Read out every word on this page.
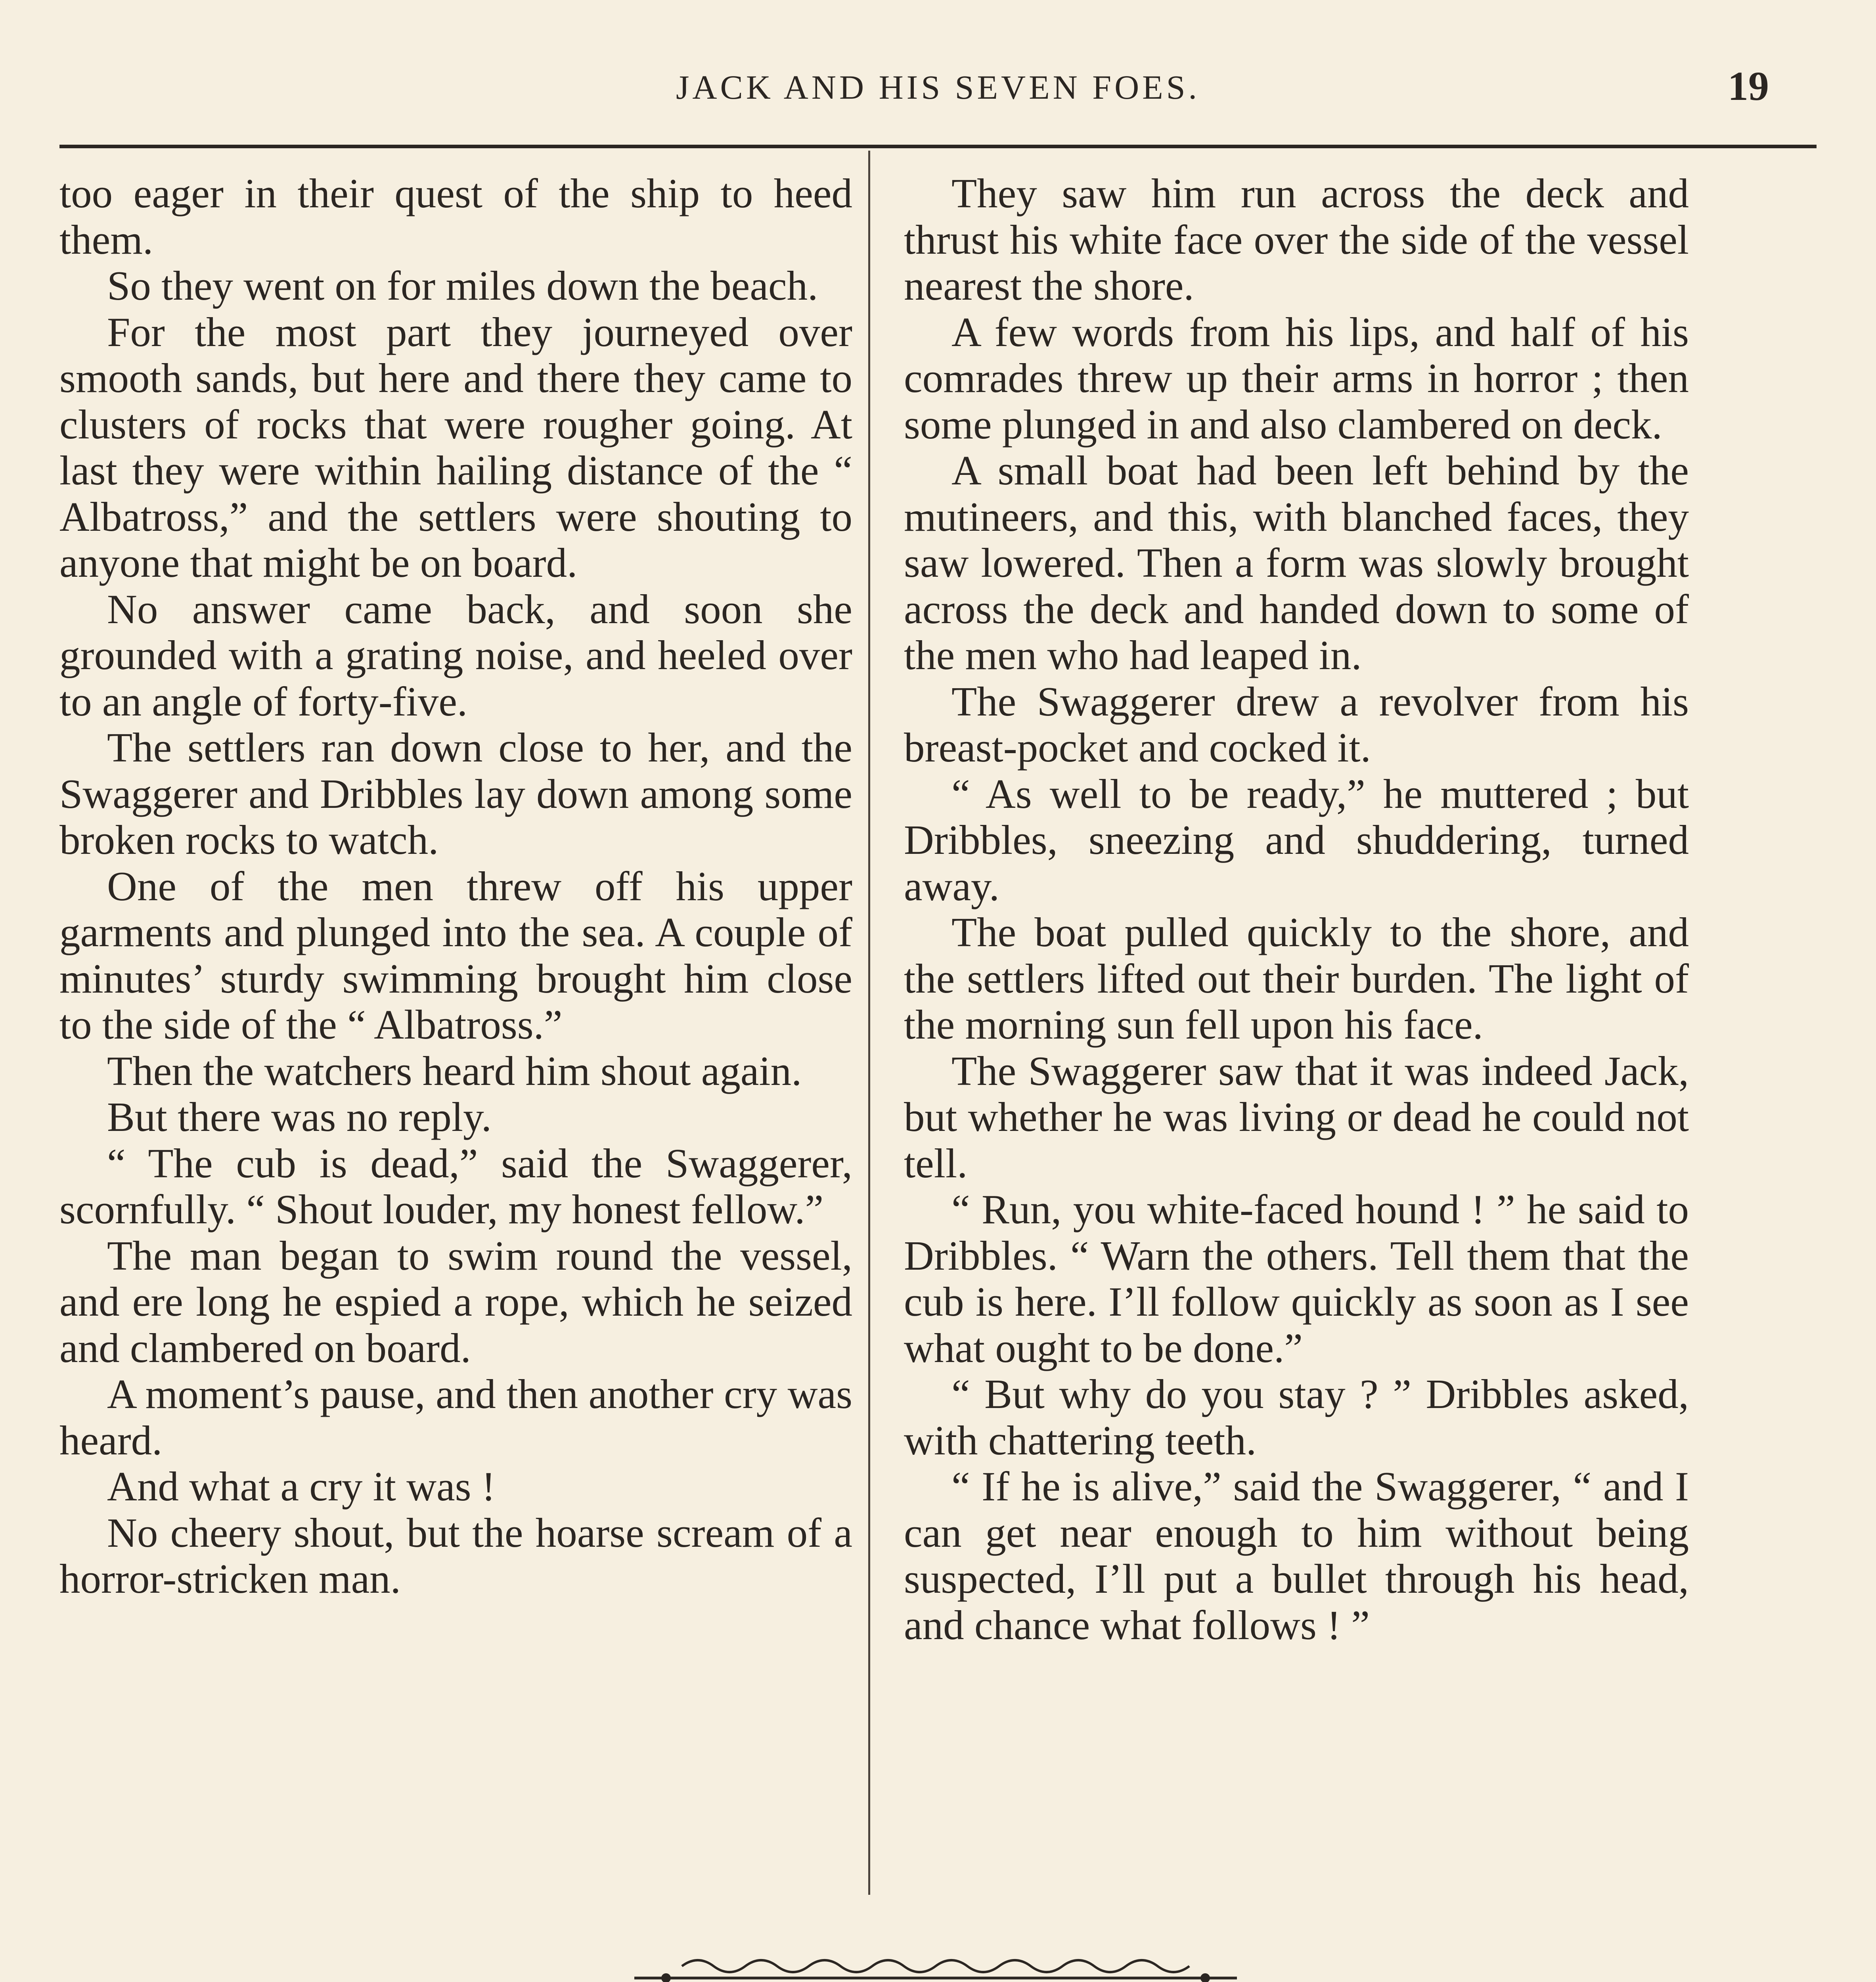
JACK AND HIS SEVEN FOES.	19

too eager in their quest of the ship to heed them.

So they went on for miles down the beach.

For the most part they journeyed over smooth sands, but here and there they came to clusters of rocks that were rougher going. At last they were within hailing distance of the “ Albatross,” and the settlers were shouting to anyone that might be on board.

No answer came back, and soon she grounded with a grating noise, and heeled over to an angle of forty-five.

The settlers ran down close to her, and the Swaggerer and Dribbles lay down among some broken rocks to watch.

One of the men threw off his upper garments and plunged into the sea. A couple of minutes’ sturdy swimming brought him close to the side of the “ Albatross.”

Then the watchers heard him shout again.

But there was no reply.

“ The cub is dead,” said the Swaggerer, scornfully. “ Shout louder, my honest fellow.”

The man began to swim round the vessel, and ere long he espied a rope, which he seized and clambered on board.

A moment’s pause, and then another cry was heard.

And what a cry it was !

No cheery shout, but the hoarse scream of a horror-stricken man.

They saw him run across the deck and thrust his white face over the side of the vessel nearest the shore.

A few words from his lips, and half of his comrades threw up their arms in horror ; then some plunged in and also clambered on deck.

A small boat had been left behind by the mutineers, and this, with blanched faces, they saw lowered. Then a form was slowly brought across the deck and handed down to some of the men who had leaped in.

The Swaggerer drew a revolver from his breast-pocket and cocked it.

“ As well to be ready,” he muttered ; but Dribbles, sneezing and shuddering, turned away.

The boat pulled quickly to the shore, and the settlers lifted out their burden. The light of the morning sun fell upon his face.

The Swaggerer saw that it was indeed Jack, but whether he was living or dead he could not tell.

“ Run, you white-faced hound ! ” he said to Dribbles. “ Warn the others. Tell them that the cub is here. I’ll follow quickly as soon as I see what ought to be done.”

“ But why do you stay ? ” Dribbles asked, with chattering teeth.

“ If he is alive,” said the Swaggerer, “ and I can get near enough to him without being suspected, I’ll put a bullet through his head, and chance what follows ! ”
